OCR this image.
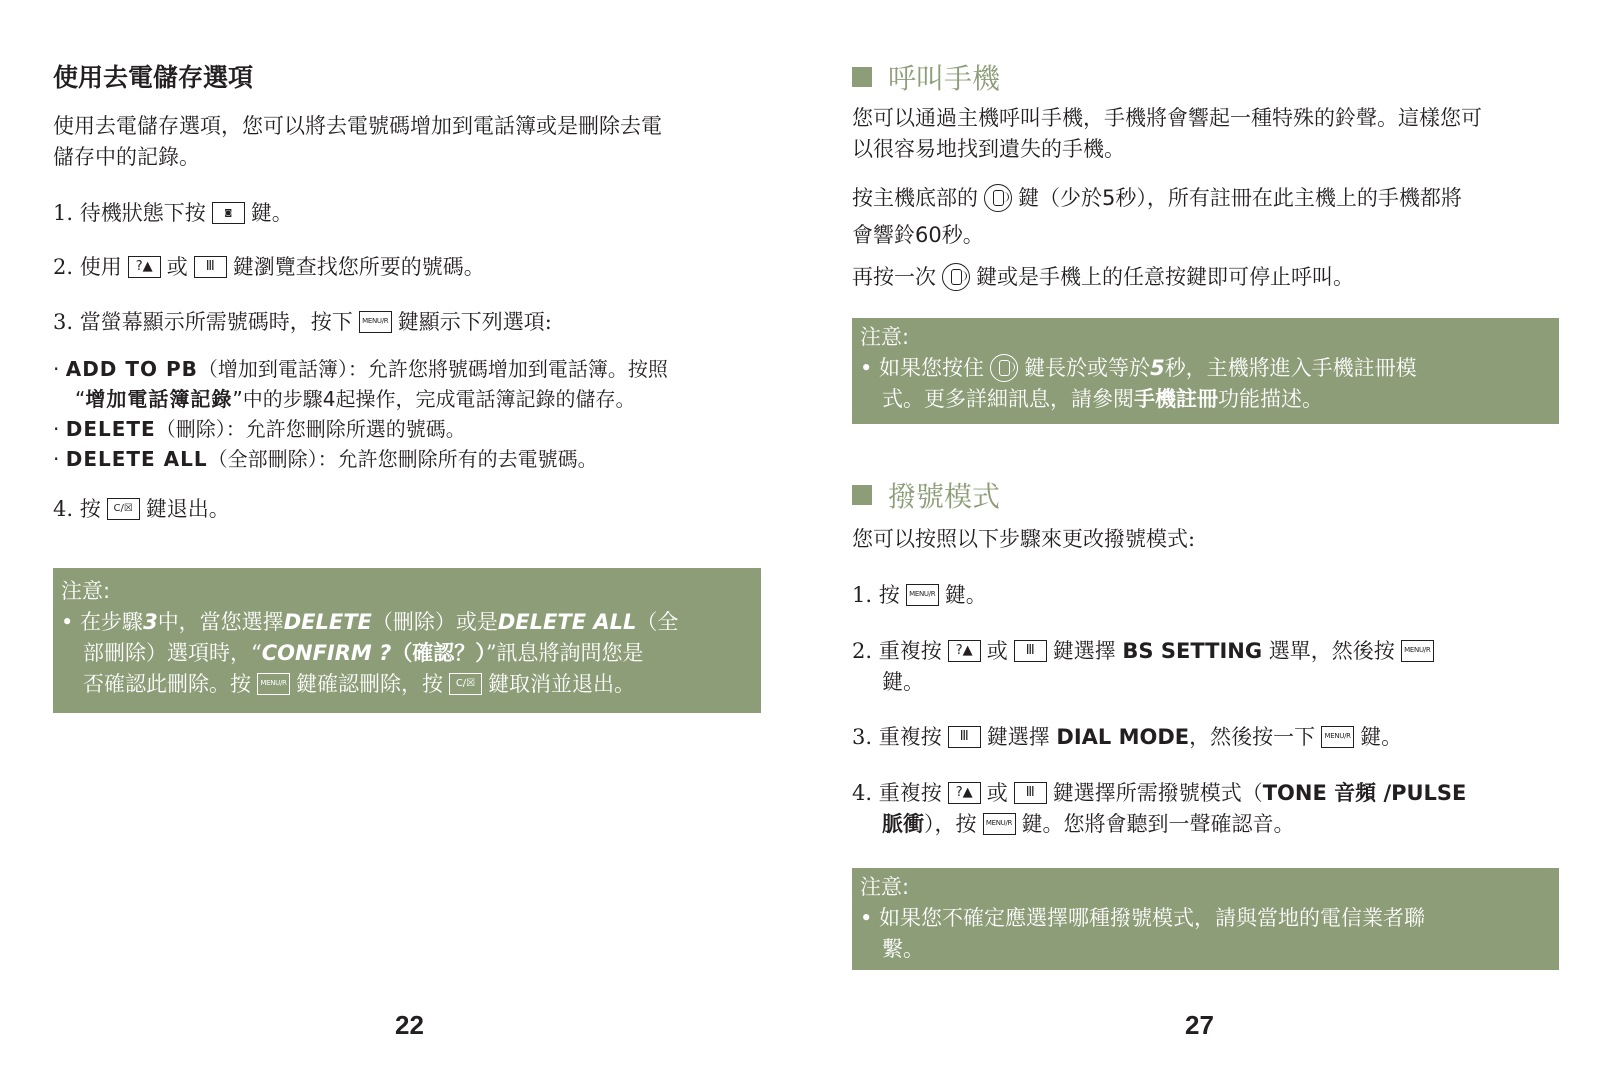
使用去電儲存選項
使用去電儲存選項，您可以將去電號碼增加到電話簿或是刪除去電
儲存中的記錄。
1. 待機狀態下按 ◙ 鍵。
2. 使用 ?▲ 或 Ⅲ 鍵瀏覽查找您所要的號碼。
3. 當螢幕顯示所需號碼時，按下 MENU/R 鍵顯示下列選項:
· ADD TO PB（增加到電話簿）：允許您將號碼增加到電話簿。按照
“增加電話簿記錄”中的步驟4起操作，完成電話簿記錄的儲存。
· DELETE（刪除）：允許您刪除所選的號碼。
· DELETE ALL（全部刪除）：允許您刪除所有的去電號碼。
4. 按 C/☒ 鍵退出。
注意:
• 在步驟3中，當您選擇DELETE（刪除）或是DELETE ALL（全
部刪除）選項時，“CONFIRM ?（確認？）”訊息將詢問您是
否確認此刪除。按 MENU/R 鍵確認刪除，按 C/☒ 鍵取消並退出。
22
呼叫手機
您可以通過主機呼叫手機，手機將會響起一種特殊的鈴聲。這樣您可
以很容易地找到遺失的手機。
按主機底部的 鍵（少於5秒），所有註冊在此主機上的手機都將
會響鈴60秒。
再按一次 鍵或是手機上的任意按鍵即可停止呼叫。
注意:
• 如果您按住 鍵長於或等於5秒，主機將進入手機註冊模
式。更多詳細訊息，請參閱手機註冊功能描述。
撥號模式
您可以按照以下步驟來更改撥號模式:
1. 按 MENU/R 鍵。
2. 重複按 ?▲ 或 Ⅲ 鍵選擇 BS SETTING 選單，然後按 MENU/R
鍵。
3. 重複按 Ⅲ 鍵選擇 DIAL MODE，然後按一下 MENU/R 鍵。
4. 重複按 ?▲ 或 Ⅲ 鍵選擇所需撥號模式（TONE 音頻 /PULSE
脈衝），按 MENU/R 鍵。您將會聽到一聲確認音。
注意:
• 如果您不確定應選擇哪種撥號模式，請與當地的電信業者聯
繫。
27
